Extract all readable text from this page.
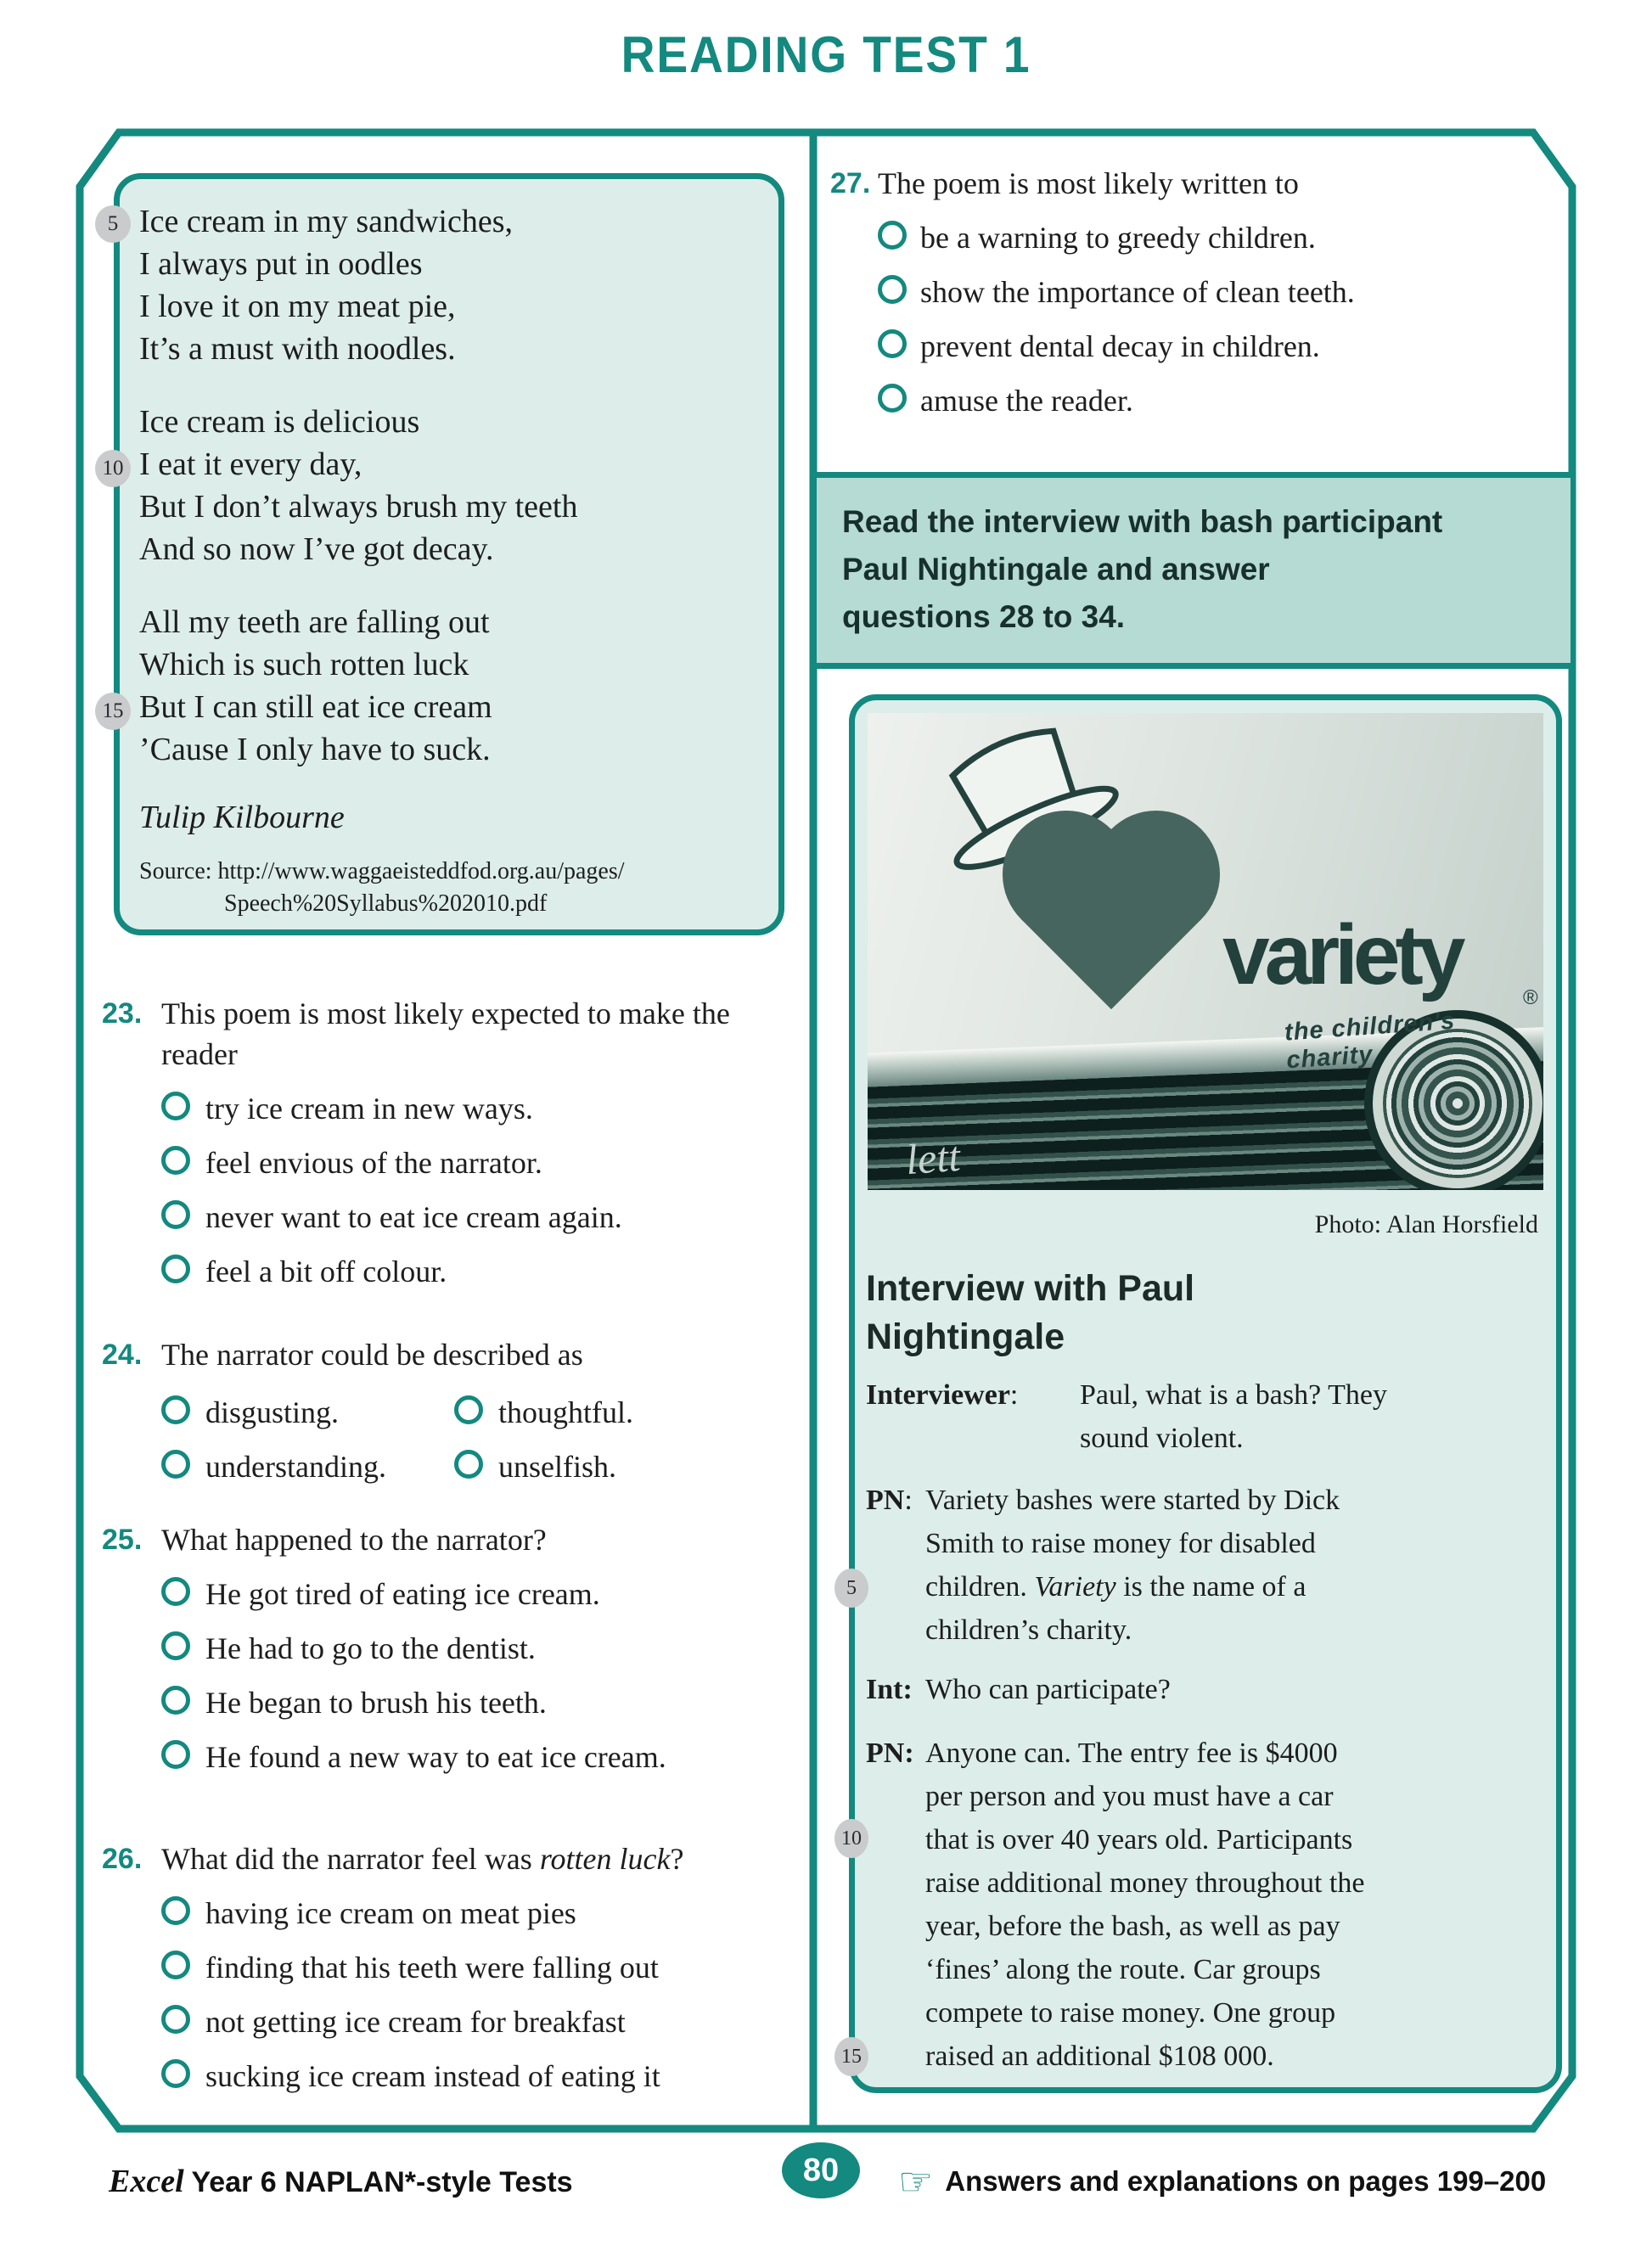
READING TEST 1
Ice cream in my sandwiches,
I always put in oodles
I love it on my meat pie,
It’s a must with noodles.
Ice cream is delicious
I eat it every day,
But I don’t always brush my teeth
And so now I’ve got decay.
All my teeth are falling out
Which is such rotten luck
But I can still eat ice cream
’Cause I only have to suck.
Tulip Kilbourne
Source: http://www.waggaeisteddfod.org.au/pages/
Speech%20Syllabus%202010.pdf
5
10
15
23. This poem is most likely expected to make the reader

try ice cream in new ways.
feel envious of the narrator.
never want to eat ice cream again.
feel a bit off colour.
24. The narrator could be described as

disgusting.	thoughtful.
understanding.	unselfish.
25. What happened to the narrator?

He got tired of eating ice cream.
He had to go to the dentist.
He began to brush his teeth.
He found a new way to eat ice cream.
26. What did the narrator feel was rotten luck?

having ice cream on meat pies
finding that his teeth were falling out
not getting ice cream for breakfast
sucking ice cream instead of eating it
27. The poem is most likely written to

be a warning to greedy children.
show the importance of clean teeth.
prevent dental decay in children.
amuse the reader.
Read the interview with bash participant
Paul Nightingale and answer
questions 28 to 34.
lett
variety	®
the children's charity
Photo: Alan Horsfield
Interview with Paul
Nightingale
Interviewer:	Paul, what is a bash? They
sound violent.
PN: Variety bashes were started by Dick
Smith to raise money for disabled
children. Variety is the name of a
children’s charity.
Int: Who can participate?
PN: Anyone can. The entry fee is $4000
per person and you must have a car
that is over 40 years old. Participants
raise additional money throughout the
year, before the bash, as well as pay
‘fines’ along the route. Car groups
compete to raise money. One group
raised an additional $108 000.
5
10
15
Excel Year 6 NAPLAN*-style Tests	80	☞ Answers and explanations on pages 199–200
